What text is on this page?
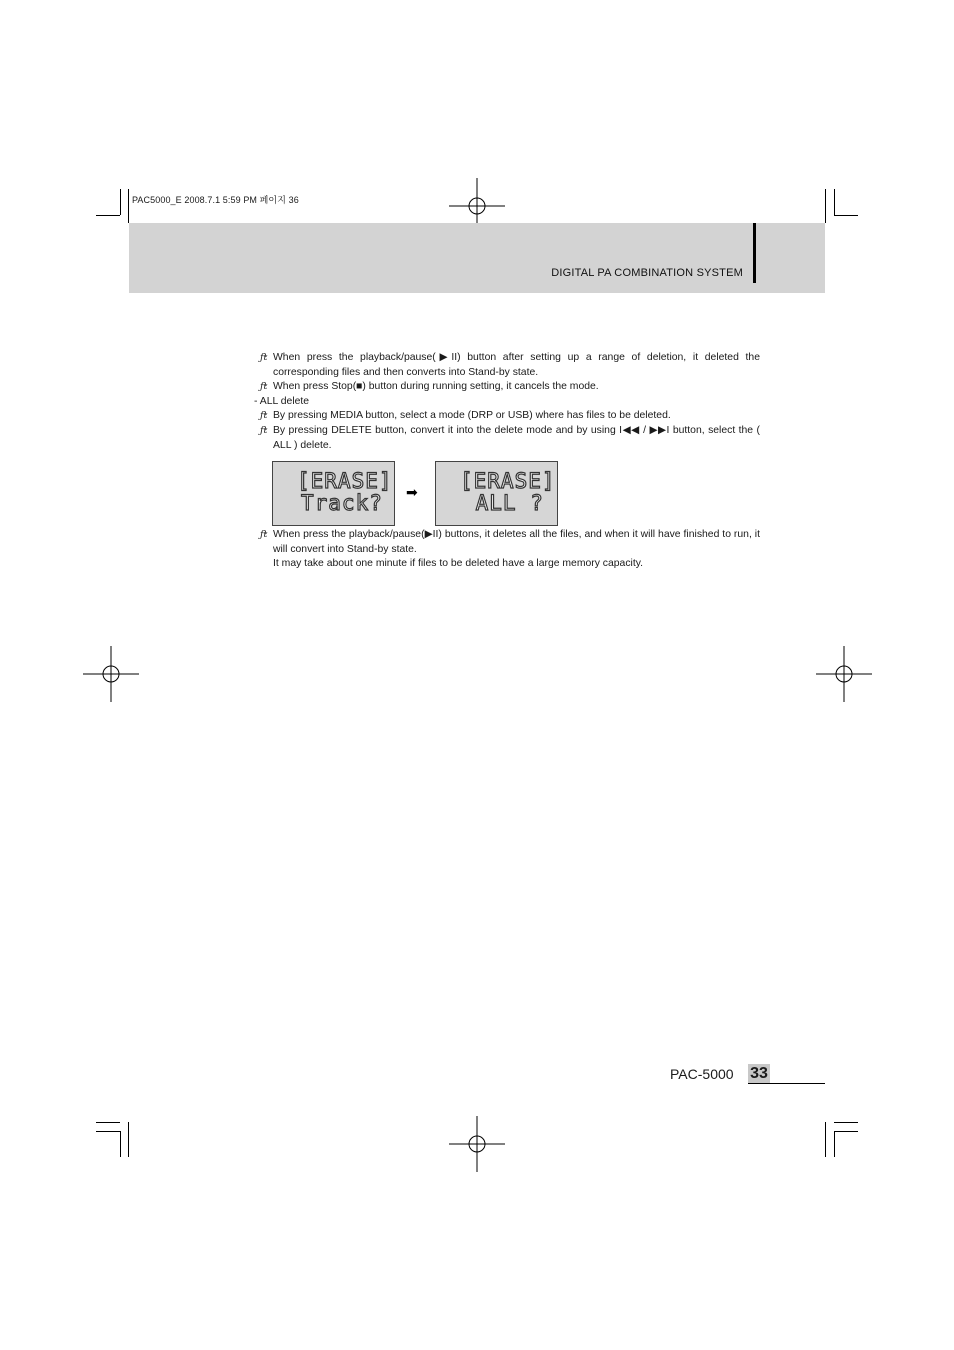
PAC5000_E 2008.7.1 5:59 PM 페이지 36
DIGITAL PA COMBINATION SYSTEM
ƒŧ When press the playback/pause(▶II) button after setting up a range of deletion, it deleted the corresponding files and then converts into Stand-by state.
ƒŧ When press Stop(■) button during running setting, it cancels the mode.
- ALL delete
ƒŧ By pressing MEDIA button, select a mode (DRP or USB) where has files to be deleted.
ƒŧ By pressing DELETE button, convert it into the delete mode and by using I◀◀ / ▶▶I button, select the ( ALL ) delete.
[ERASE]
Track?	➡ [ERASE]
ALL ?
ƒŧ When press the playback/pause(▶II) buttons, it deletes all the files, and when it will have finished to run, it will convert into Stand-by state.
It may take about one minute if files to be deleted have a large memory capacity.
PAC-5000 33
